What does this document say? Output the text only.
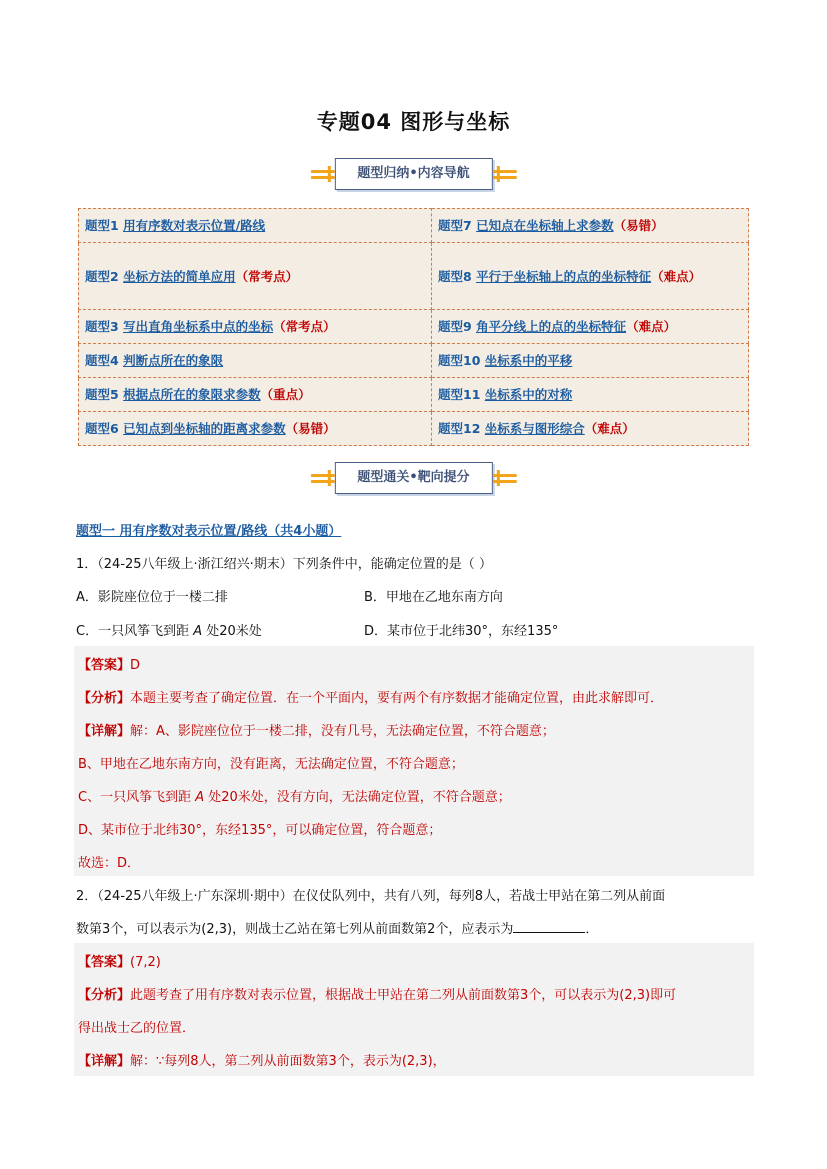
专题04 图形与坐标
题型归纳•内容导航
题型1 用有序数对表示位置/路线	题型7 已知点在坐标轴上求参数（易错）
题型2 坐标方法的简单应用（常考点）	题型8 平行于坐标轴上的点的坐标特征（难点）
题型3 写出直角坐标系中点的坐标（常考点）	题型9 角平分线上的点的坐标特征（难点）
题型4 判断点所在的象限	题型10 坐标系中的平移
题型5 根据点所在的象限求参数（重点）	题型11 坐标系中的对称
题型6 已知点到坐标轴的距离求参数（易错）	题型12 坐标系与图形综合（难点）
题型通关•靶向提分
题型一 用有序数对表示位置/路线（共4小题）
1．（24-25八年级上·浙江绍兴·期末）下列条件中，能确定位置的是（ ）
A．影院座位位于一楼二排	B．甲地在乙地东南方向
C．一只风筝飞到距 A 处20米处	D．某市位于北纬30°，东经135°
【答案】D
【分析】本题主要考查了确定位置．在一个平面内，要有两个有序数据才能确定位置，由此求解即可．
【详解】解：A、影院座位位于一楼二排，没有几号，无法确定位置，不符合题意；
B、甲地在乙地东南方向，没有距离，无法确定位置，不符合题意；
C、一只风筝飞到距 A 处20米处，没有方向，无法确定位置，不符合题意；
D、某市位于北纬30°，东经135°，可以确定位置，符合题意；
故选：D．
2．（24-25八年级上·广东深圳·期中）在仪仗队列中，共有八列，每列8人，若战士甲站在第二列从前面
数第3个，可以表示为(2,3)，则战士乙站在第七列从前面数第2个，应表示为	．
【答案】(7,2)
【分析】此题考查了用有序数对表示位置，根据战士甲站在第二列从前面数第3个，可以表示为(2,3)即可
得出战士乙的位置．
【详解】解：∵每列8人，第二列从前面数第3个，表示为(2,3)，
